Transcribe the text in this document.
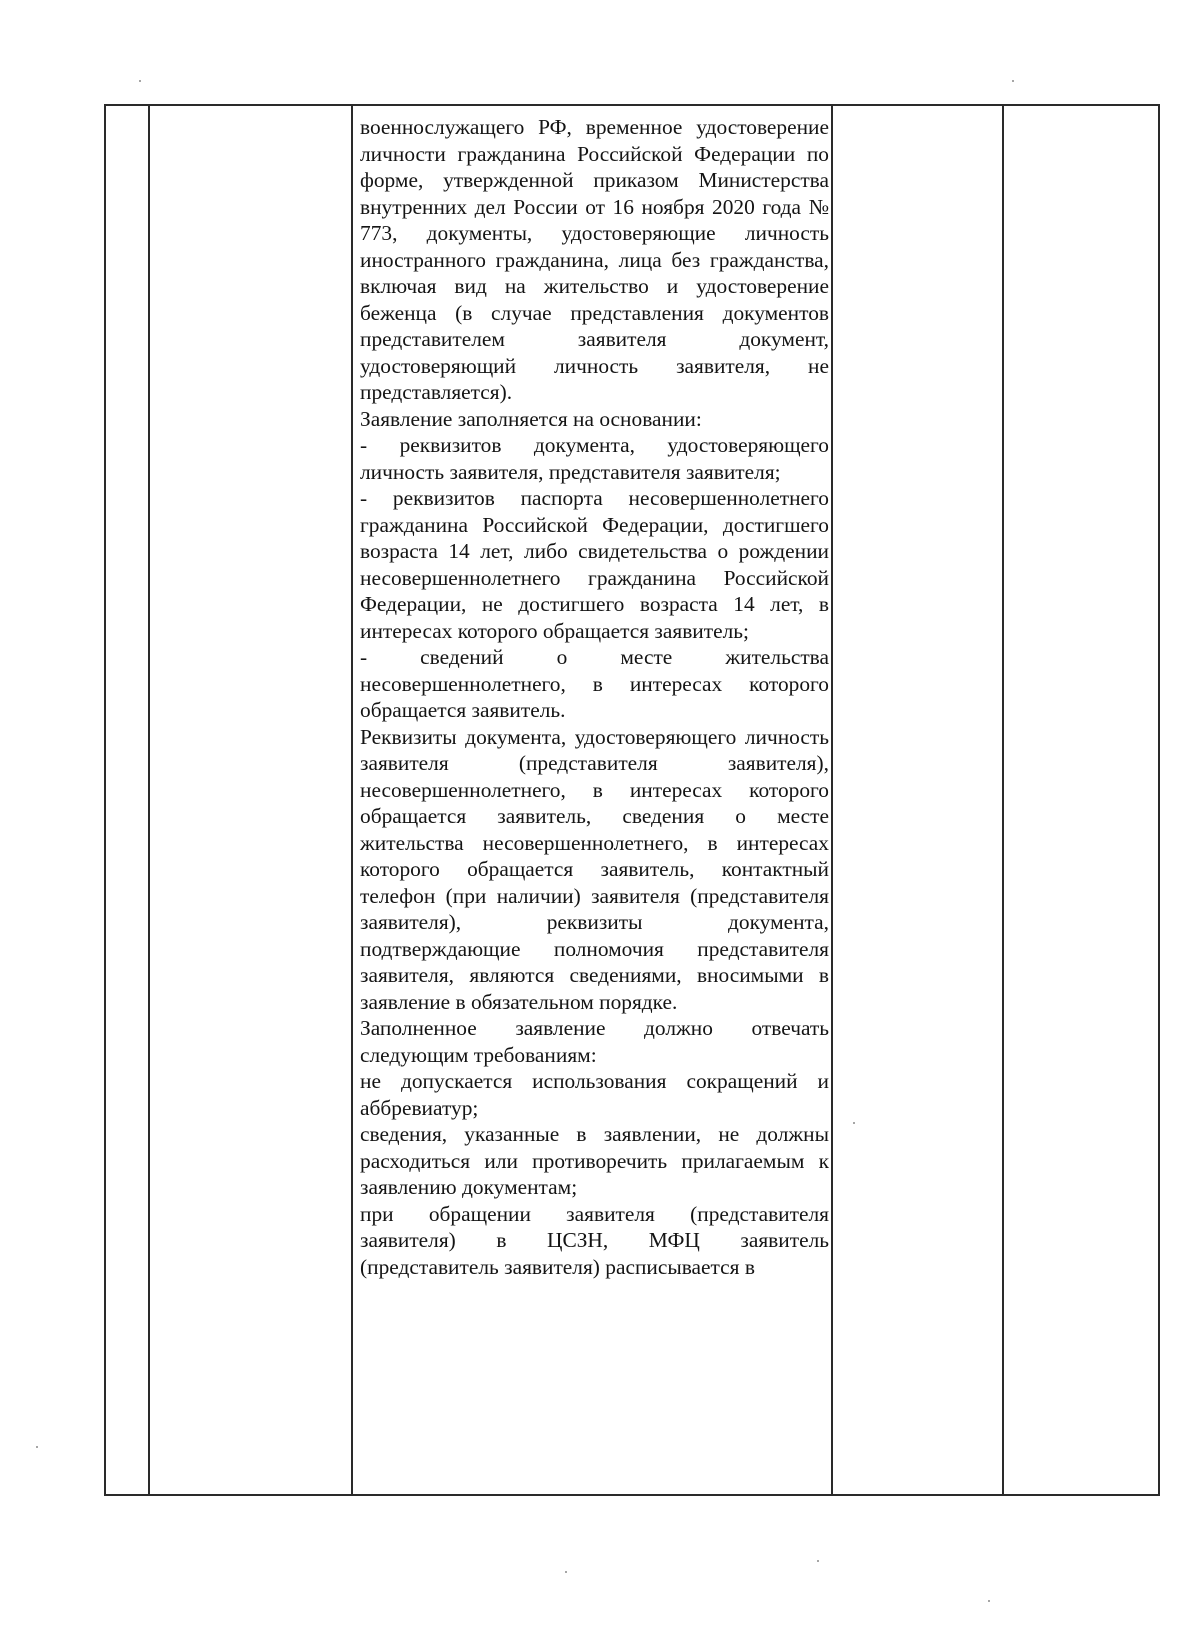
военнослужащего РФ, временное удостоверение личности гражданина Российской Федерации по форме, утвержденной приказом Министерства внутренних дел России от 16 ноября 2020 года № 773, документы, удостоверяющие личность иностранного гражданина, лица без гражданства, включая вид на жительство и удостоверение беженца (в случае представления документов представителем заявителя документ, удостоверяющий личность заявителя, не представляется).

Заявление заполняется на основании:

- реквизитов документа, удостоверяющего личность заявителя, представителя заявителя;

- реквизитов паспорта несовершеннолетнего гражданина Российской Федерации, достигшего возраста 14 лет, либо свидетельства о рождении несовершеннолетнего гражданина Российской Федерации, не достигшего возраста 14 лет, в интересах которого обращается заявитель;

- сведений о месте жительства несовершеннолетнего, в интересах которого обращается заявитель.

Реквизиты документа, удостоверяющего личность заявителя (представителя заявителя), несовершеннолетнего, в интересах которого обращается заявитель, сведения о месте жительства несовершеннолетнего, в интересах которого обращается заявитель, контактный телефон (при наличии) заявителя (представителя заявителя), реквизиты документа, подтверждающие полномочия представителя заявителя, являются сведениями, вносимыми в заявление в обязательном порядке.

Заполненное заявление должно отвечать следующим требованиям:

не допускается использования сокращений и аббревиатур;

сведения, указанные в заявлении, не должны расходиться или противоречить прилагаемым к заявлению документам;

при обращении заявителя (представителя заявителя) в ЦСЗН, МФЦ заявитель (представитель заявителя) расписывается в
